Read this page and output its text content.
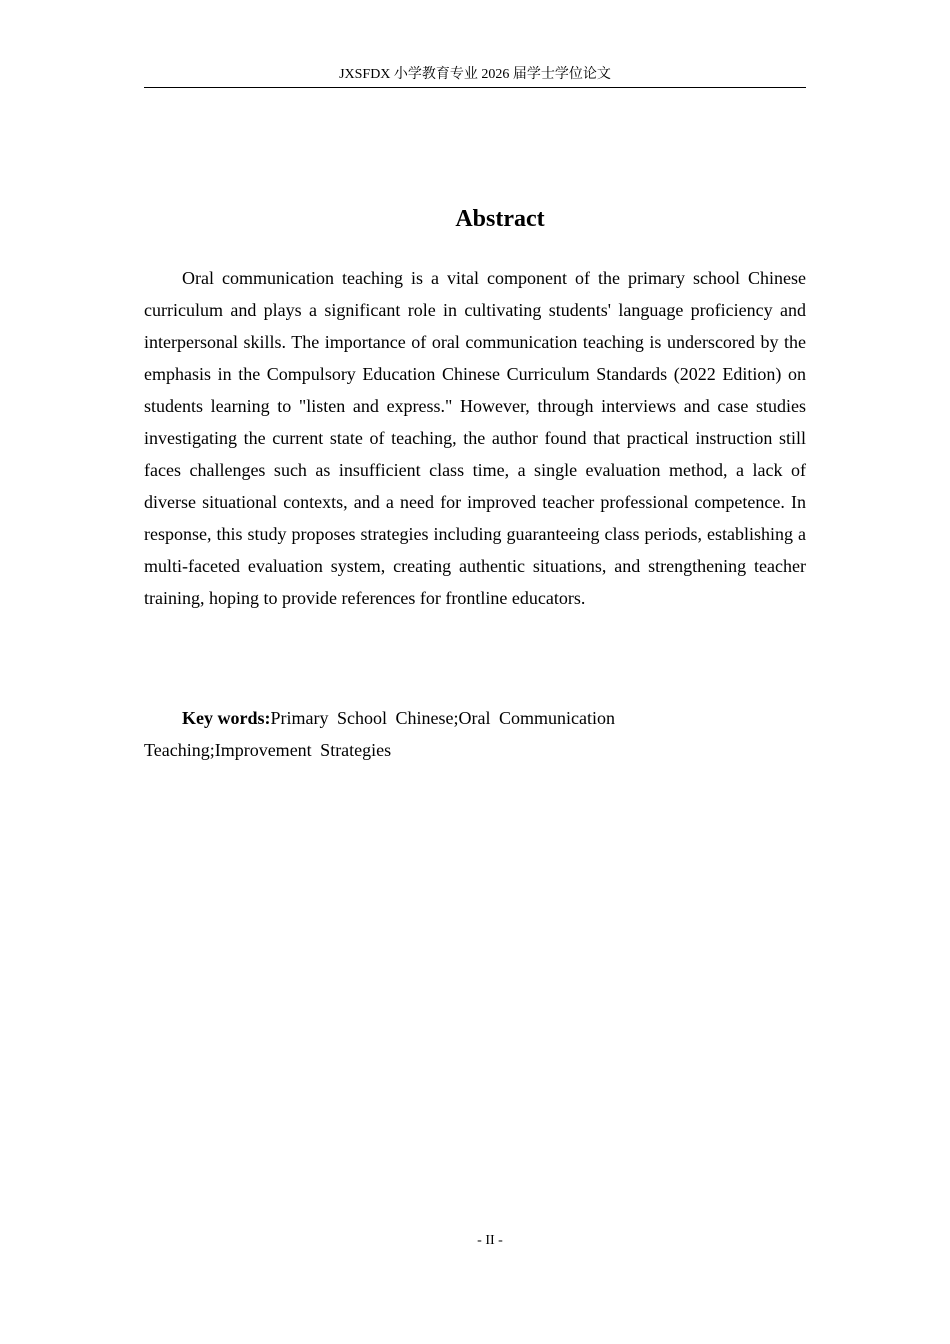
JXSFDX 小学教育专业 2026 届学士学位论文
Abstract

Oral communication teaching is a vital component of the primary school Chinese curriculum and plays a significant role in cultivating students' language proficiency and interpersonal skills. The importance of oral communication teaching is underscored by the emphasis in the Compulsory Education Chinese Curriculum Standards (2022 Edition) on students learning to "listen and express." However, through interviews and case studies investigating the current state of teaching, the author found that practical instruction still faces challenges such as insufficient class time, a single evaluation method, a lack of diverse situational contexts, and a need for improved teacher professional competence. In response, this study proposes strategies including guaranteeing class periods, establishing a multi-faceted evaluation system, creating authentic situations, and strengthening teacher training, hoping to provide references for frontline educators.

Key words:Primary School Chinese;Oral Communication Teaching;Improvement Strategies

- II -
